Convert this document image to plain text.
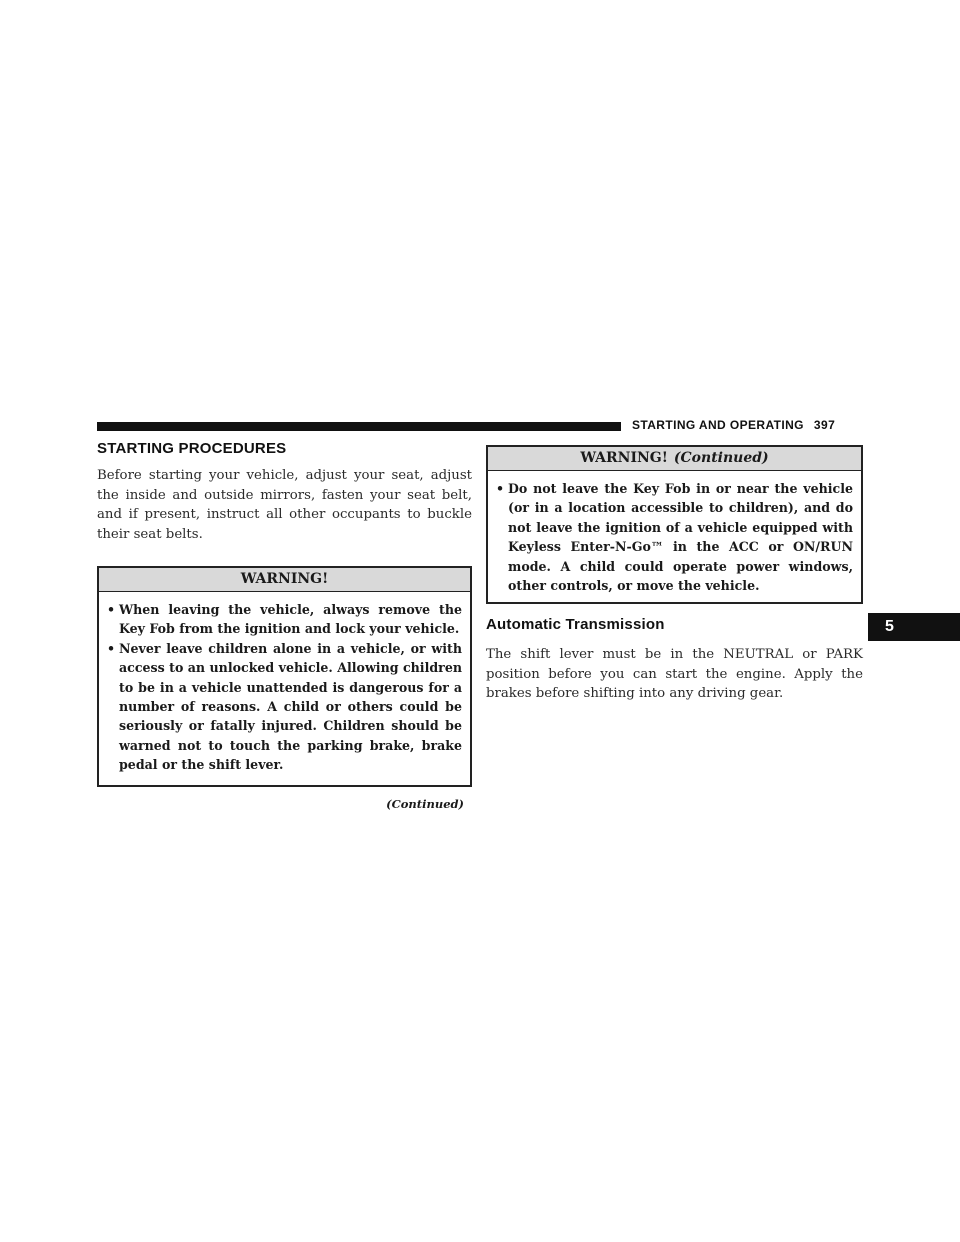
STARTING AND OPERATING 397
5
STARTING PROCEDURES

Before starting your vehicle, adjust your seat, adjust the inside and outside mirrors, fasten your seat belt, and if present, instruct all other occupants to buckle their seat belts.

WARNING!
• When leaving the vehicle, always remove the Key Fob from the ignition and lock your vehicle.
• Never leave children alone in a vehicle, or with access to an unlocked vehicle. Allowing children to be in a vehicle unattended is dangerous for a number of reasons. A child or others could be seriously or fatally injured. Children should be warned not to touch the parking brake, brake pedal or the shift lever.
(Continued)
WARNING! (Continued)
• Do not leave the Key Fob in or near the vehicle (or in a location accessible to children), and do not leave the ignition of a vehicle equipped with Keyless Enter-N-Go™ in the ACC or ON/RUN mode. A child could operate power windows, other controls, or move the vehicle.
Automatic Transmission

The shift lever must be in the NEUTRAL or PARK position before you can start the engine. Apply the brakes before shifting into any driving gear.
